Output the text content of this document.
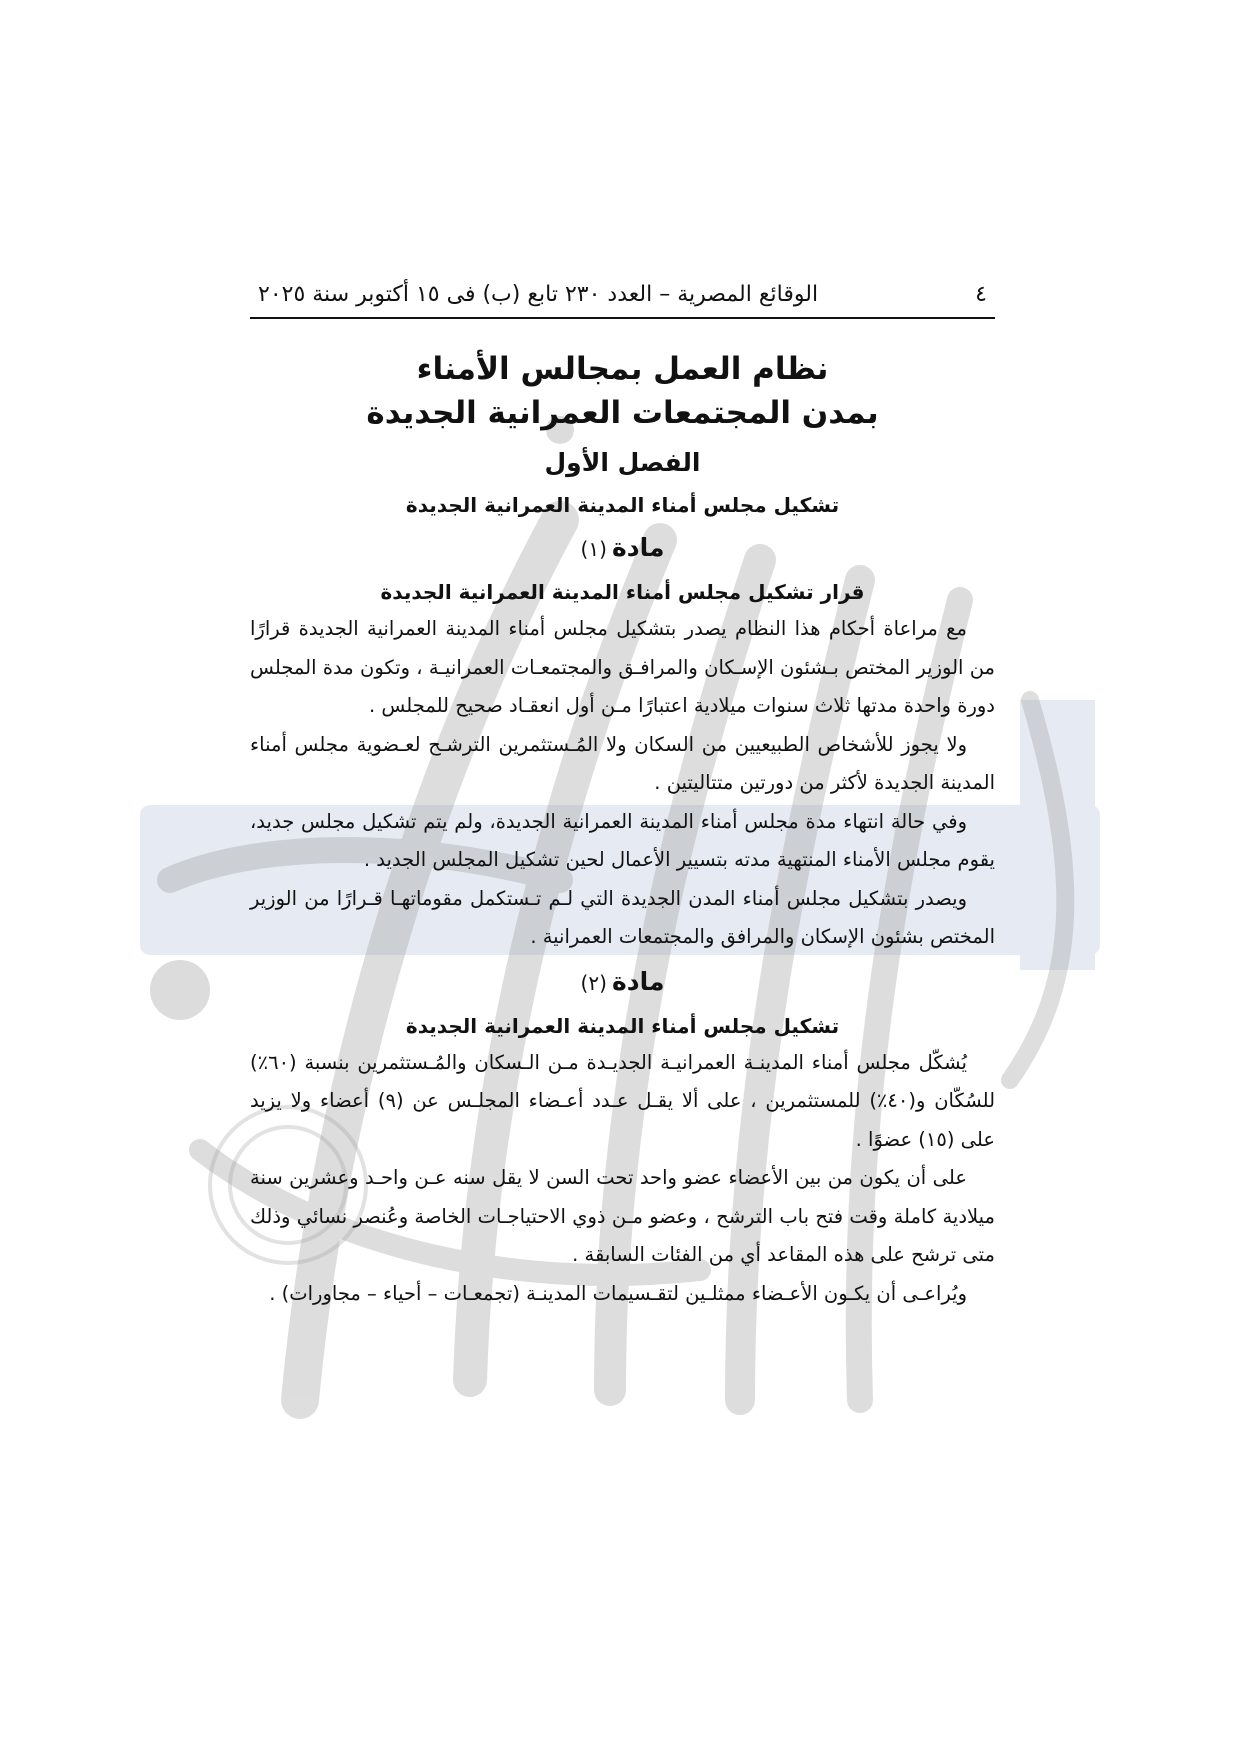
٤
الوقائع المصرية – العدد ٢٣٠ تابع (ب) فى ١٥ أكتوبر سنة ٢٠٢٥
نظام العمل بمجالس الأمناء
بمدن المجتمعات العمرانية الجديدة
الفصل الأول
تشكيل مجلس أمناء المدينة العمرانية الجديدة
مادة (١)
قرار تشكيل مجلس أمناء المدينة العمرانية الجديدة

مع مراعاة أحكام هذا النظام يصدر بتشكيل مجلس أمناء المدينة العمرانية الجديدة قرارًا من الوزير المختص بـشئون الإسـكان والمرافـق والمجتمعـات العمرانيـة ، وتكون مدة المجلس دورة واحدة مدتها ثلاث سنوات ميلادية اعتبارًا مـن أول انعقـاد صحيح للمجلس .

ولا يجوز للأشخاص الطبيعيين من السكان ولا المُـستثمرين الترشـح لعـضوية مجلس أمناء المدينة الجديدة لأكثر من دورتين متتاليتين .

وفي حالة انتهاء مدة مجلس أمناء المدينة العمرانية الجديدة، ولم يتم تشكيل مجلس جديد، يقوم مجلس الأمناء المنتهية مدته بتسيير الأعمال لحين تشكيل المجلس الجديد .

ويصدر بتشكيل مجلس أمناء المدن الجديدة التي لـم تـستكمل مقوماتهـا قـرارًا من الوزير المختص بشئون الإسكان والمرافق والمجتمعات العمرانية .

مادة (٢)
تشكيل مجلس أمناء المدينة العمرانية الجديدة

يُشكّل مجلس أمناء المدينـة العمرانيـة الجديـدة مـن الـسكان والمُـستثمرين بنسبة (٦٠٪) للسُكّان و(٤٠٪) للمستثمرين ، على ألا يقـل عـدد أعـضاء المجلـس عن (٩) أعضاء ولا يزيد على (١٥) عضوًا .

على أن يكون من بين الأعضاء عضو واحد تحت السن لا يقل سنه عـن واحـد وعشرين سنة ميلادية كاملة وقت فتح باب الترشح ، وعضو مـن ذوي الاحتياجـات الخاصة وعُنصر نسائي وذلك متى ترشح على هذه المقاعد أي من الفئات السابقة .

ويُراعـى أن يكـون الأعـضاء ممثلـين لتقـسيمات المدينـة (تجمعـات – أحياء – مجاورات) .
